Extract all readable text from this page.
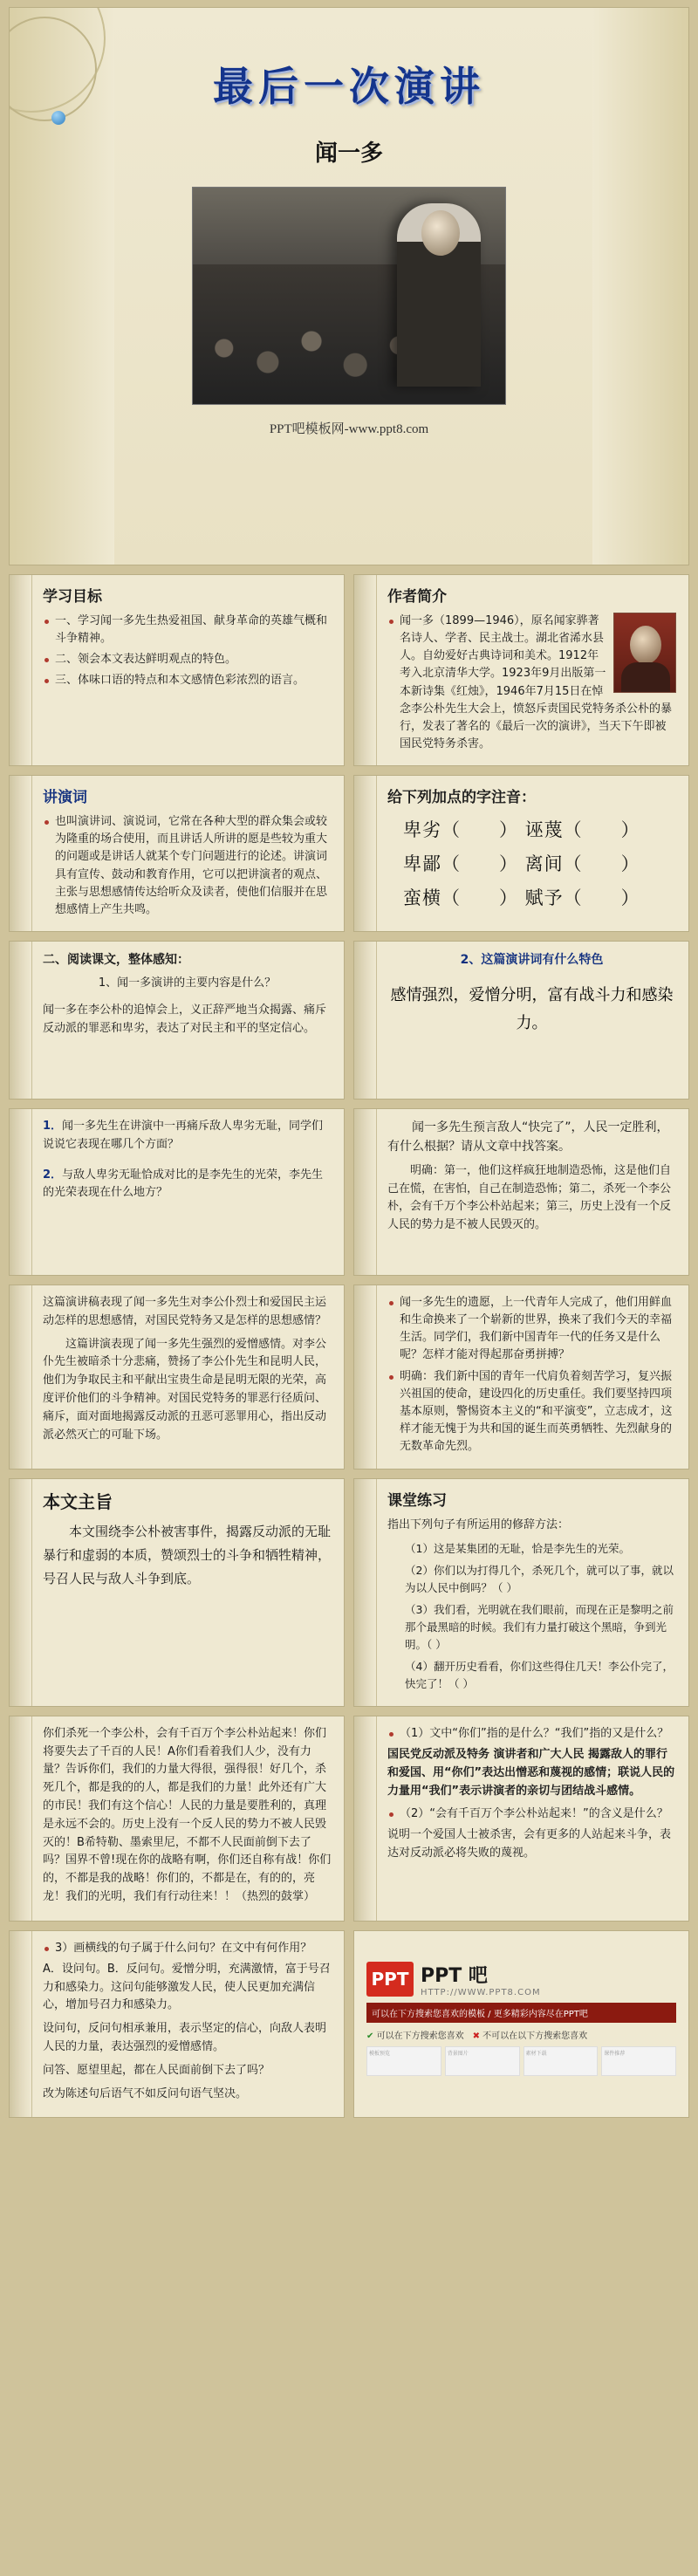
最后一次演讲
闻一多
PPT吧模板网-www.ppt8.com
学习目标
一、学习闻一多先生热爱祖国、献身革命的英雄气概和斗争精神。
二、领会本文表达鲜明观点的特色。
三、体味口语的特点和本文感情色彩浓烈的语言。
作者简介
闻一多（1899—1946），原名闻家骅著名诗人、学者、民主战士。湖北省浠水县人。自幼爱好古典诗词和美术。1912年考入北京清华大学。1923年9月出版第一本新诗集《红烛》，1946年7月15日在悼念李公朴先生大会上，愤怒斥责国民党特务杀公朴的暴行，发表了著名的《最后一次的演讲》，当天下午即被国民党特务杀害。
讲演词
也叫演讲词、演说词，它常在各种大型的群众集会或较为隆重的场合使用，而且讲话人所讲的愿是些较为重大的问题或是讲话人就某个专门问题进行的论述。讲演词具有宣传、鼓动和教育作用，它可以把讲演者的观点、主张与思想感情传达给听众及读者，使他们信服并在思想感情上产生共鸣。
给下列加点的字注音：
卑劣（　　） 诬蔑（　　）
卑鄙（　　） 离间（　　）
蛮横（　　） 赋予（　　）
二、阅读课文，整体感知：

1、闻一多演讲的主要内容是什么？

闻一多在李公朴的追悼会上，义正辞严地当众揭露、痛斥反动派的罪恶和卑劣，表达了对民主和平的坚定信心。

2、这篇演讲词有什么特色

感情强烈，爱憎分明，富有战斗力和感染力。

1．闻一多先生在讲演中一再痛斥敌人卑劣无耻，同学们说说它表现在哪几个方面？

2．与敌人卑劣无耻恰成对比的是李先生的光荣，李先生的光荣表现在什么地方？

闻一多先生预言敌人“快完了”，人民一定胜利，有什么根据？请从文章中找答案。

明确：第一，他们这样疯狂地制造恐怖，这是他们自己在慌，在害怕，自己在制造恐怖；第二，杀死一个李公朴，会有千万个李公朴站起来；第三，历史上没有一个反人民的势力是不被人民毁灭的。

这篇演讲稿表现了闻一多先生对李公仆烈士和爱国民主运动怎样的思想感情，对国民党特务又是怎样的思想感情？

这篇讲演表现了闻一多先生强烈的爱憎感情。对李公仆先生被暗杀十分悲痛，赞扬了李公仆先生和昆明人民，他们为争取民主和平献出宝贵生命是昆明无限的光荣，高度评价他们的斗争精神。对国民党特务的罪恶行径质问、痛斥，面对面地揭露反动派的丑恶可恶罪用心，指出反动派必然灭亡的可耻下场。

闻一多先生的遗愿，上一代青年人完成了，他们用鲜血和生命换来了一个崭新的世界，换来了我们今天的幸福生活。同学们，我们新中国青年一代的任务又是什么呢？怎样才能对得起那奋勇拼搏？
明确：我们新中国的青年一代肩负着刻苦学习，复兴振兴祖国的使命，建设四化的历史重任。我们要坚持四项基本原则，警惕资本主义的“和平演变”，立志成才，这样才能无愧于为共和国的诞生而英勇牺牲、先烈献身的无数革命先烈。
本文主旨

本文围绕李公朴被害事件，揭露反动派的无耻暴行和虚弱的本质，赞颂烈士的斗争和牺牲精神，号召人民与敌人斗争到底。

课堂练习

指出下列句子有所运用的修辞方法：

（1）这是某集团的无耻，恰是李先生的光荣。
（2）你们以为打得几个，杀死几个，就可以了事，就以为以人民中倒吗？（ ）
（3）我们看，光明就在我们眼前，而现在正是黎明之前那个最黑暗的时候。我们有力量打破这个黑暗，争到光明。（ ）
（4）翻开历史看看，你们这些得住几天！李公仆完了，快完了！（ ）

你们杀死一个李公朴，会有千百万个李公朴站起来！你们将要失去了千百的人民！A你们看着我们人少，没有力量？告诉你们，我们的力量大得很，强得很！好几个，杀死几个，都是我的的人，都是我们的力量！此外还有广大的市民！我们有这个信心！人民的力量是要胜利的，真理是永远不会的。历史上没有一个反人民的势力不被人民毁灭的！B希特勒、墨索里尼，不都不人民面前倒下去了吗？国界不曾!现在你的战略有啊，你们还自称有战！你们的，不都是我的战略！你们的，不都是在，有的的，亮龙！我们的光明，我们有行动往来！！（热烈的鼓掌）

（1）文中“你们”指的是什么？“我们”指的又是什么？

国民党反动派及特务 演讲者和广大人民 揭露敌人的罪行和爱国、用“你们”表达出憎恶和蔑视的感情；联说人民的力量用“我们”表示讲演者的亲切与团结战斗感情。

（2）“会有千百万个李公朴站起来！”的含义是什么？

说明一个爱国人士被杀害，会有更多的人站起来斗争，表达对反动派必将失败的蔑视。

3）画横线的句子属于什么问句？在文中有何作用？

A．设问句。B．反问句。爱憎分明，充满激情，富于号召力和感染力。这问句能够激发人民，使人民更加充满信心，增加号召力和感染力。

设问句，反问句相承兼用，表示坚定的信心，向敌人表明人民的力量，表达强烈的爱憎感情。

问答、愿望里起，都在人民面前倒下去了吗？

改为陈述句后语气不如反问句语气坚决。

PPT PPT 吧
HTTP://WWW.PPT8.COM
可以在下方搜索您喜欢的模板 / 更多精彩内容尽在PPT吧
✔ 可以在下方搜索您喜欢 ✖ 不可以在以下方搜索您喜欢
模板预览	背景图片	素材下载	课件推荐
